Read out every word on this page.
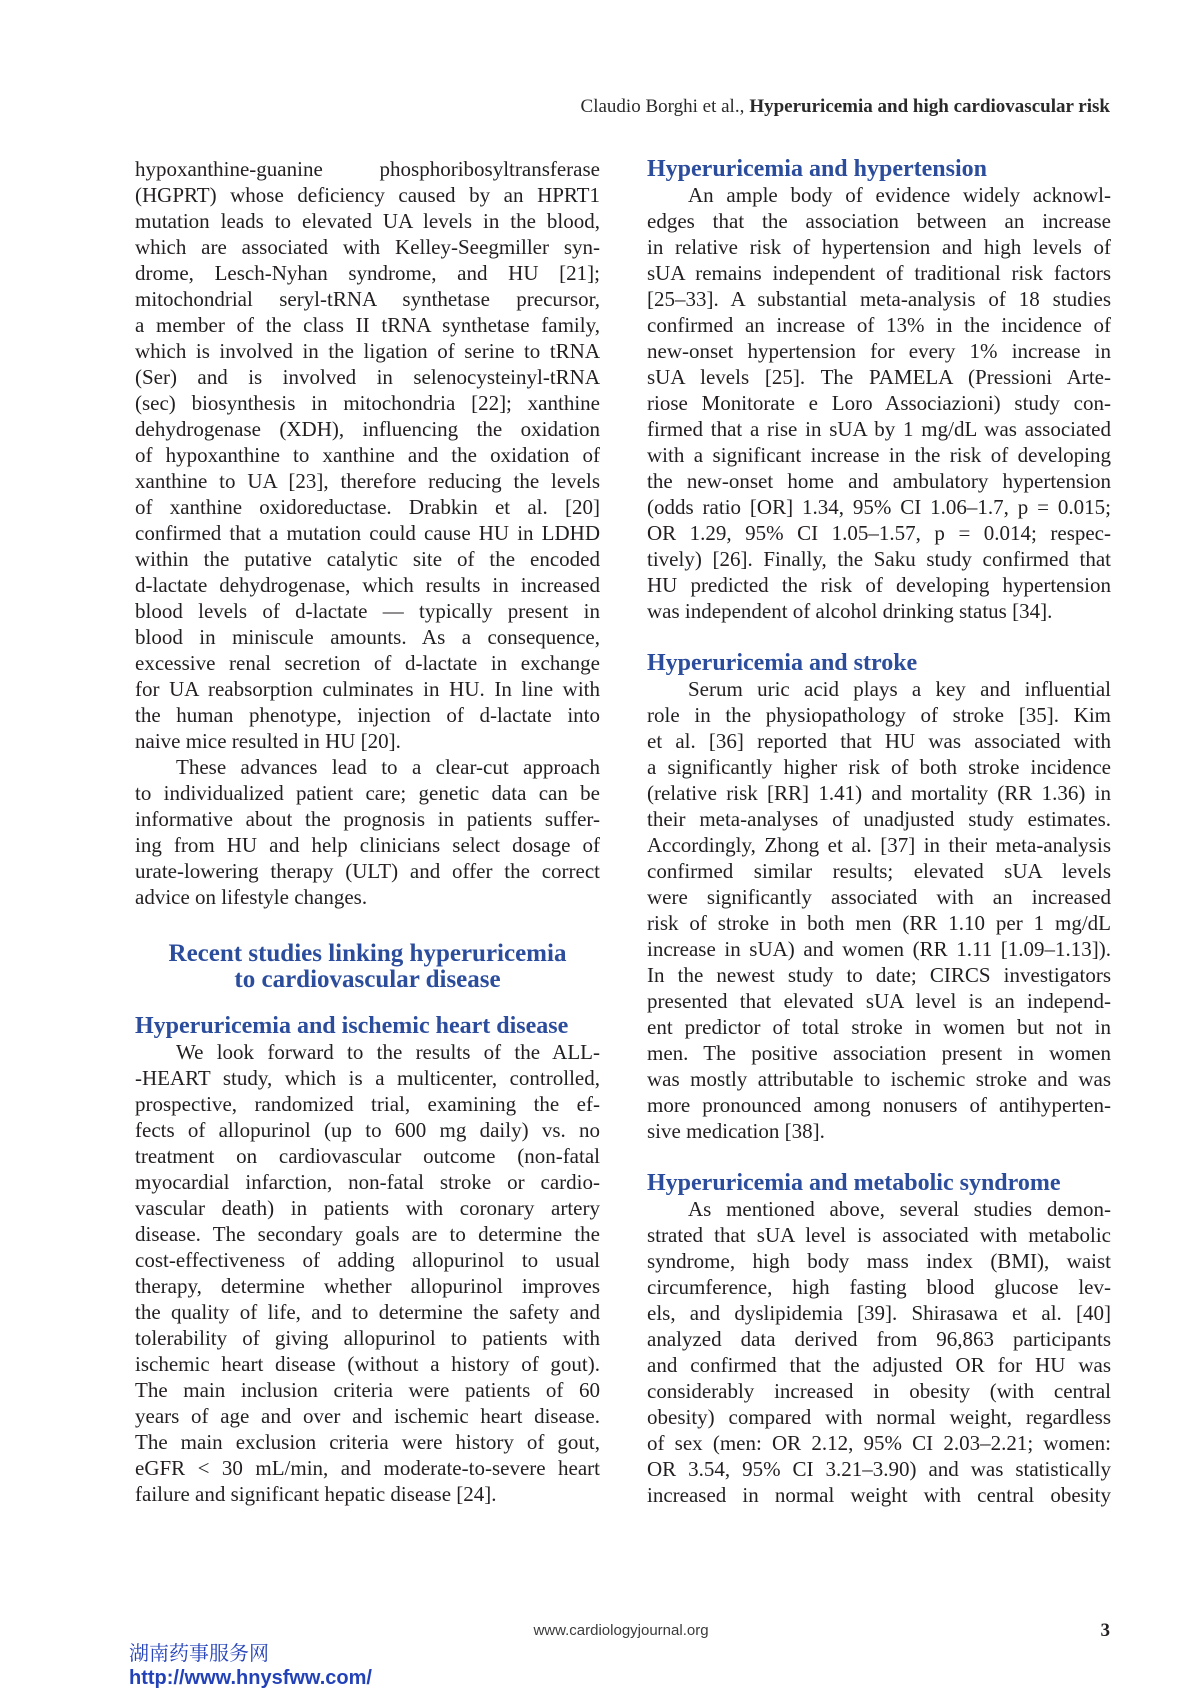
Claudio Borghi et al., Hyperuricemia and high cardiovascular risk
hypoxanthine-guanine phosphoribosyltransferase
(HGPRT) whose deficiency caused by an HPRT1
mutation leads to elevated UA levels in the blood,
which are associated with Kelley-Seegmiller syn-
drome, Lesch-Nyhan syndrome, and HU [21];
mitochondrial seryl-tRNA synthetase precursor,
a member of the class II tRNA synthetase family,
which is involved in the ligation of serine to tRNA
(Ser) and is involved in selenocysteinyl-tRNA
(sec) biosynthesis in mitochondria [22]; xanthine
dehydrogenase (XDH), influencing the oxidation
of hypoxanthine to xanthine and the oxidation of
xanthine to UA [23], therefore reducing the levels
of xanthine oxidoreductase. Drabkin et al. [20]
confirmed that a mutation could cause HU in LDHD
within the putative catalytic site of the encoded
d-lactate dehydrogenase, which results in increased
blood levels of d-lactate — typically present in
blood in miniscule amounts. As a consequence,
excessive renal secretion of d-lactate in exchange
for UA reabsorption culminates in HU. In line with
the human phenotype, injection of d-lactate into
naive mice resulted in HU [20].
These advances lead to a clear-cut approach
to individualized patient care; genetic data can be
informative about the prognosis in patients suffer-
ing from HU and help clinicians select dosage of
urate-lowering therapy (ULT) and offer the correct
advice on lifestyle changes.
Recent studies linking hyperuricemia
to cardiovascular disease
Hyperuricemia and ischemic heart disease
We look forward to the results of the ALL-
-HEART study, which is a multicenter, controlled,
prospective, randomized trial, examining the ef-
fects of allopurinol (up to 600 mg daily) vs. no
treatment on cardiovascular outcome (non-fatal
myocardial infarction, non-fatal stroke or cardio-
vascular death) in patients with coronary artery
disease. The secondary goals are to determine the
cost-effectiveness of adding allopurinol to usual
therapy, determine whether allopurinol improves
the quality of life, and to determine the safety and
tolerability of giving allopurinol to patients with
ischemic heart disease (without a history of gout).
The main inclusion criteria were patients of 60
years of age and over and ischemic heart disease.
The main exclusion criteria were history of gout,
eGFR < 30 mL/min, and moderate-to-severe heart
failure and significant hepatic disease [24].
Hyperuricemia and hypertension
An ample body of evidence widely acknowl-
edges that the association between an increase
in relative risk of hypertension and high levels of
sUA remains independent of traditional risk factors
[25–33]. A substantial meta-analysis of 18 studies
confirmed an increase of 13% in the incidence of
new-onset hypertension for every 1% increase in
sUA levels [25]. The PAMELA (Pressioni Arte-
riose Monitorate e Loro Associazioni) study con-
firmed that a rise in sUA by 1 mg/dL was associated
with a significant increase in the risk of developing
the new-onset home and ambulatory hypertension
(odds ratio [OR] 1.34, 95% CI 1.06–1.7, p = 0.015;
OR 1.29, 95% CI 1.05–1.57, p = 0.014; respec-
tively) [26]. Finally, the Saku study confirmed that
HU predicted the risk of developing hypertension
was independent of alcohol drinking status [34].
Hyperuricemia and stroke
Serum uric acid plays a key and influential
role in the physiopathology of stroke [35]. Kim
et al. [36] reported that HU was associated with
a significantly higher risk of both stroke incidence
(relative risk [RR] 1.41) and mortality (RR 1.36) in
their meta-analyses of unadjusted study estimates.
Accordingly, Zhong et al. [37] in their meta-analysis
confirmed similar results; elevated sUA levels
were significantly associated with an increased
risk of stroke in both men (RR 1.10 per 1 mg/dL
increase in sUA) and women (RR 1.11 [1.09–1.13]).
In the newest study to date; CIRCS investigators
presented that elevated sUA level is an independ-
ent predictor of total stroke in women but not in
men. The positive association present in women
was mostly attributable to ischemic stroke and was
more pronounced among nonusers of antihyperten-
sive medication [38].
Hyperuricemia and metabolic syndrome
As mentioned above, several studies demon-
strated that sUA level is associated with metabolic
syndrome, high body mass index (BMI), waist
circumference, high fasting blood glucose lev-
els, and dyslipidemia [39]. Shirasawa et al. [40]
analyzed data derived from 96,863 participants
and confirmed that the adjusted OR for HU was
considerably increased in obesity (with central
obesity) compared with normal weight, regardless
of sex (men: OR 2.12, 95% CI 2.03–2.21; women:
OR 3.54, 95% CI 3.21–3.90) and was statistically
increased in normal weight with central obesity
www.cardiologyjournal.org	3
湖南药事服务网
http://www.hnysfww.com/
